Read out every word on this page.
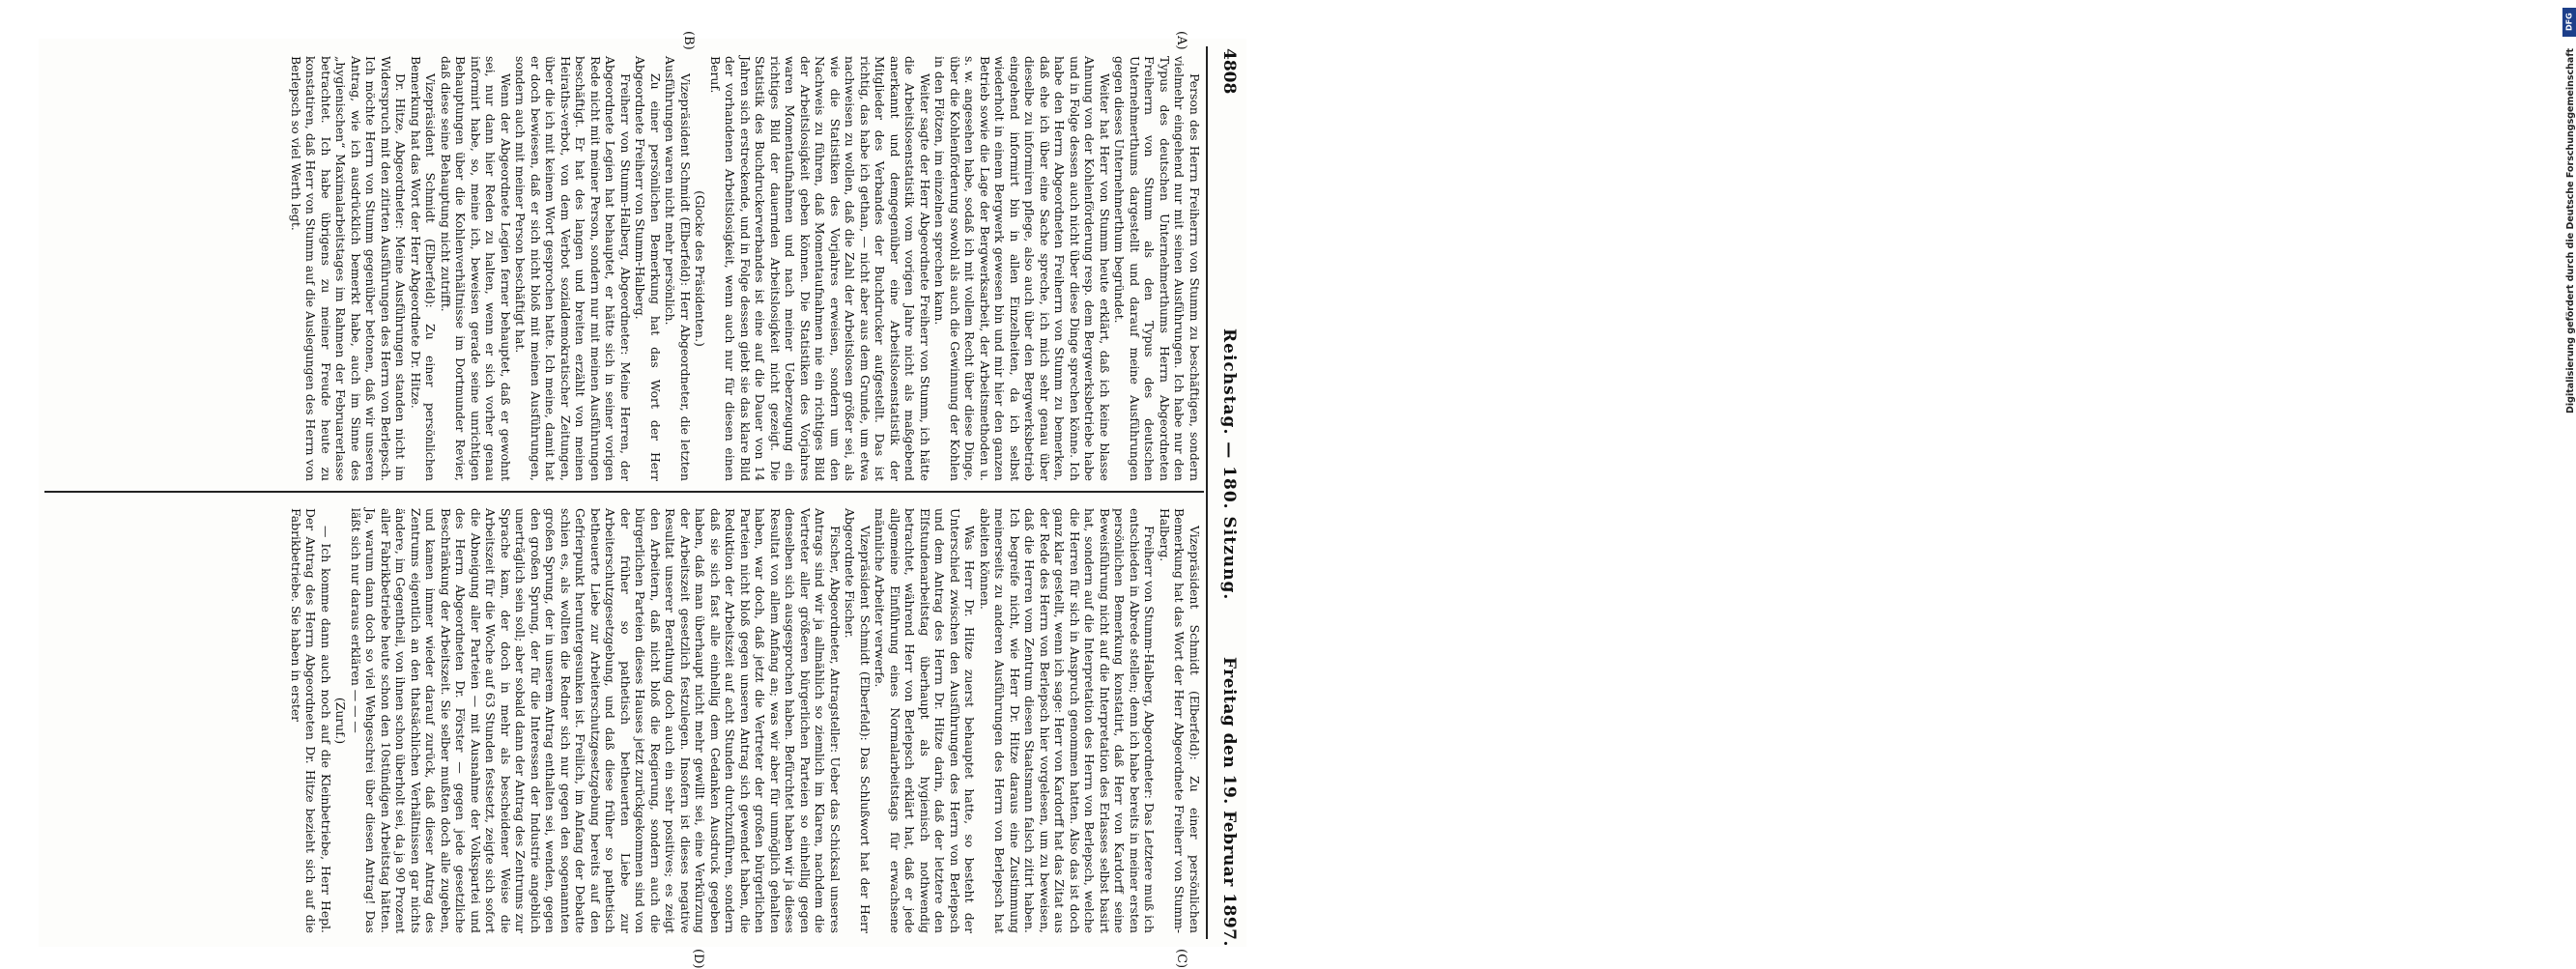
4808
Reichstag. — 180. Sitzung.
Freitag den 19. Februar 1897.
(A)
(B)
(C)
(D)

Person des Herrn Freiherrn von Stumm zu beschäftigen, sondern vielmehr eingehend nur mit seinen Ausführungen. Ich habe nur den Typus des deutschen Unternehmerthums Herrn Abgeordneten Freiherrn von Stumm als den Typus des deutschen Unternehmerthums dargestellt und darauf meine Ausführungen gegen dieses Unternehmerthum begründet.

Weiter hat Herr von Stumm heute erklärt, daß ich keine blasse Ahnung von der Kohlenförderung resp. dem Bergwerksbetriebe habe und in Folge dessen auch nicht über diese Dinge sprechen könne. Ich habe den Herrn Abgeordneten Freiherrn von Stumm zu bemerken, daß ehe ich über eine Sache spreche, ich mich sehr genau über dieselbe zu informiren pflege, also auch über den Bergwerksbetrieb eingehend informirt bin in allen Einzelheiten, da ich selbst wiederholt in einem Bergwerk gewesen bin und mir hier den ganzen Betrieb sowie die Lage der Bergwerksarbeit, der Arbeitsmethoden u. s. w. angesehen habe, sodaß ich mit vollem Recht über diese Dinge, über die Kohlenförderung sowohl als auch die Gewinnung der Kohlen in den Flötzen, im einzelnen sprechen kann.

Weiter sagte der Herr Abgeordnete Freiherr von Stumm, ich hätte die Arbeitslosenstatistik vom vorigen Jahre nicht als maßgebend anerkannt und demgegenüber eine Arbeitslosenstatistik der Mitglieder des Verbandes der Buchdrucker aufgestellt. Das ist richtig, das habe ich gethan, — nicht aber aus dem Grunde, um etwa nachweisen zu wollen, daß die Zahl der Arbeitslosen größer sei, als wie die Statistiken des Vorjahres erweisen, sondern um den Nachweis zu führen, daß Momentaufnahmen nie ein richtiges Bild der Arbeitslosigkeit geben können. Die Statistiken des Vorjahres waren Momentaufnahmen und nach meiner Ueberzeugung ein richtiges Bild der dauernden Arbeitslosigkeit nicht gezeigt. Die Statistik des Buchdruckerverbandes ist eine auf die Dauer von 14 Jahren sich erstreckende, und in Folge dessen giebt sie das klare Bild der vorhandenen Arbeitslosigkeit, wenn auch nur für diesen einen Beruf.

(Glocke des Präsidenten.)

Vizepräsident Schmidt (Elberfeld): Herr Abgeordneter, die letzten Ausführungen waren nicht mehr persönlich.

Zu einer persönlichen Bemerkung hat das Wort der Herr Abgeordnete Freiherr von Stumm-Halberg.

Freiherr von Stumm-Halberg, Abgeordneter: Meine Herren, der Abgeordnete Legien hat behauptet, er hätte sich in seiner vorigen Rede nicht mit meiner Person, sondern nur mit meinen Ausführungen beschäftigt. Er hat des langen und breiten erzählt von meinen Heiraths-verbot, von dem Verbot sozialdemokratischer Zeitungen, über die ich mit keinem Wort gesprochen hatte. Ich meine, damit hat er doch bewiesen, daß er sich nicht bloß mit meinen Ausführungen, sondern auch mit meiner Person beschäftigt hat.

Wenn der Abgeordnete Legien ferner behauptet, daß er gewohnt sei, nur dann hier Reden zu halten, wenn er sich vorher genau informirt habe, so, meine ich, beweisen gerade seine unrichtigen Behauptungen über die Kohlenverhältnisse im Dortmunder Revier, daß diese seine Behauptung nicht zutrifft.

Vizepräsident Schmidt (Elberfeld): Zu einer persönlichen Bemerkung hat das Wort der Herr Abgeordnete Dr. Hitze.

Dr. Hitze, Abgeordneter: Meine Ausführungen standen nicht im Widerspruch mit den zitirten Ausführungen des Herrn von Berlepsch. Ich möchte Herrn von Stumm gegenüber betonen, daß wir unseren Antrag, wie ich ausdrücklich bemerkt habe, auch im Sinne des „hygienischen“ Maximalarbeitstages im Rahmen der Februarerlasse betrachtet. Ich habe übrigens zu meiner Freude heute zu konstatiren, daß Herr von Stumm auf die Auslegungen des Herrn von Berlepsch so viel Werth legt.

Vizepräsident Schmidt (Elberfeld): Zu einer persönlichen Bemerkung hat das Wort der Herr Abgeordnete Freiherr von Stumm-Halberg.

Freiherr von Stumm-Halberg, Abgeordneter: Das Letztere muß ich entschieden in Abrede stellen; denn ich habe bereits in meiner ersten persönlichen Bemerkung konstatirt, daß Herr von Kardorff seine Beweisführung nicht auf die Interpretation des Erlasses selbst basirt hat, sondern auf die Interpretation des Herrn von Berlepsch, welche die Herren für sich in Anspruch genommen hatten. Also das ist doch ganz klar gestellt, wenn ich sage: Herr von Kardorff hat das Zitat aus der Rede des Herrn von Berlepsch hier vorgelesen, um zu beweisen, daß die Herren vom Zentrum diesen Staatsmann falsch zitirt haben. Ich begreife nicht, wie Herr Dr. Hitze daraus eine Zustimmung meinerseits zu anderen Ausführungen des Herrn von Berlepsch hat ableiten können.

Was Herr Dr. Hitze zuerst behauptet hatte, so besteht der Unterschied zwischen den Ausführungen des Herrn von Berlepsch und dem Antrag des Herrn Dr. Hitze darin, daß der letztere den Elfstundenarbeitstag überhaupt als hygienisch nothwendig betrachtet, während Herr von Berlepsch erklärt hat, daß er jede allgemeine Einführung eines Normalarbeitstags für erwachsene männliche Arbeiter verwerfe.

Vizepräsident Schmidt (Elberfeld): Das Schlußwort hat der Herr Abgeordnete Fischer.

Fischer, Abgeordneter, Antragsteller: Ueber das Schicksal unseres Antrags sind wir ja allmählich so ziemlich im Klaren, nachdem die Vertreter aller größeren bürgerlichen Parteien so einhellig gegen denselben sich ausgesprochen haben. Befürchtet haben wir ja dieses Resultat von allem Anfang an; was wir aber für unmöglich gehalten haben, war doch, daß jetzt die Vertreter der großen bürgerlichen Parteien nicht bloß gegen unseren Antrag sich gewendet haben, die Reduktion der Arbeitszeit auf acht Stunden durchzuführen, sondern daß sie sich fast alle einhellig dem Gedanken Ausdruck gegeben haben, daß man überhaupt nicht mehr gewillt sei, eine Verkürzung der Arbeitszeit gesetzlich festzulegen. Insofern ist dieses negative Resultat unserer Berathung doch auch ein sehr positives; es zeigt den Arbeitern, daß nicht bloß die Regierung, sondern auch die bürgerlichen Parteien dieses Hauses jetzt zurückgekommen sind von der früher so pathetisch betheuerten Liebe zur Arbeiterschutzgesetzgebung, und daß diese früher so pathetisch betheuerte Liebe zur Arbeiterschutzgesetzgebung bereits auf den Gefrierpunkt heruntergesunken ist. Freilich, im Anfang der Debatte schien es, als wollten die Redner sich nur gegen den sogenannten großen Sprung, der in unserem Antrag enthalten sei, wenden, gegen den großen Sprung, der für die Interessen der Industrie angeblich unerträglich sein soll; aber sobald dann der Antrag des Zentrums zur Sprache kam, der doch in mehr als bescheidener Weise die Arbeitszeit für die Woche auf 63 Stunden festsetzt, zeigte sich sofort die Abneigung aller Parteien — mit Ausnahme der Volkspartei und des Herrn Abgeordneten Dr. Förster — gegen jede gesetzliche Beschränkung der Arbeitszeit. Sie selber mußten doch alle zugeben, und kamen immer wieder darauf zurück, daß dieser Antrag des Zentrums eigentlich an den thatsächlichen Verhältnissen gar nichts ändere, im Gegentheil, von ihnen schon überholt sei, da ja 90 Prozent aller Fabrikbetriebe heute schon den 10stündigen Arbeitstag hätten. Ja, warum dann doch so viel Wehgeschrei über diesen Antrag! Das läßt sich nur daraus erklären — — —

(Zuruf.)

— Ich komme dann auch noch auf die Kleinbetriebe, Herr Hepl. Der Antrag des Herrn Abgeordneten Dr. Hitze bezieht sich auf die Fabrikbetriebe. Sie haben in erster

DFG
Digitalisierung gefördert durch die Deutsche Forschungsgemeinschaft
